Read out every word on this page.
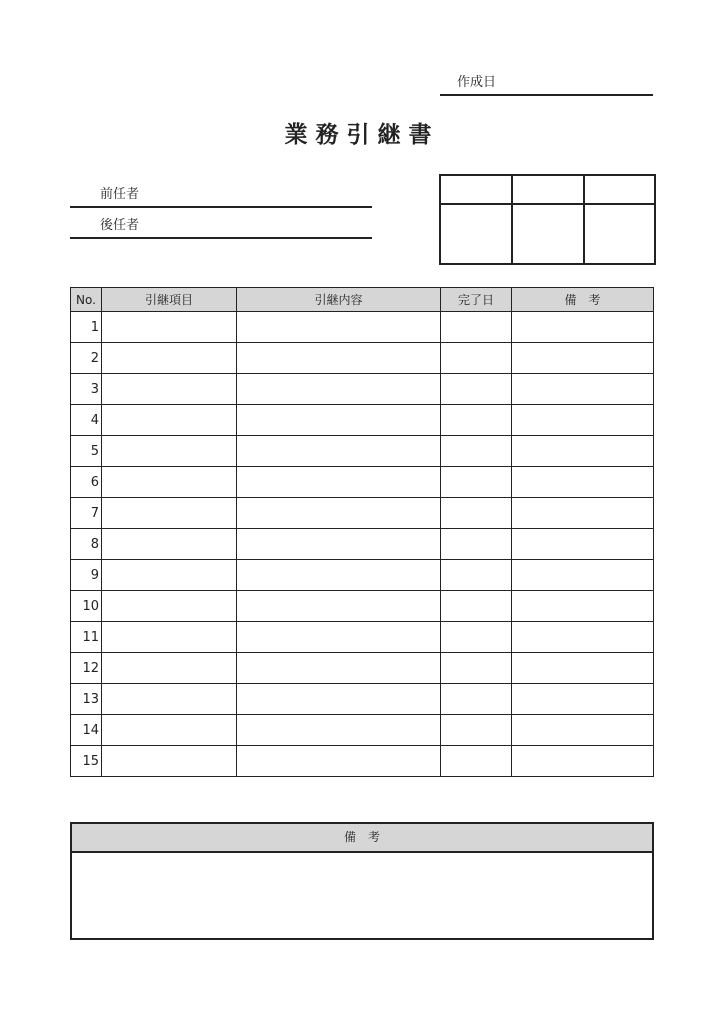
作成日
業務引継書
前任者
後任者

No.	引継項目	引継内容	完了日	備　考
1				
2				
3				
4				
5				
6				
7				
8				
9				
10				
11				
12				
13				
14				
15				
備　考
